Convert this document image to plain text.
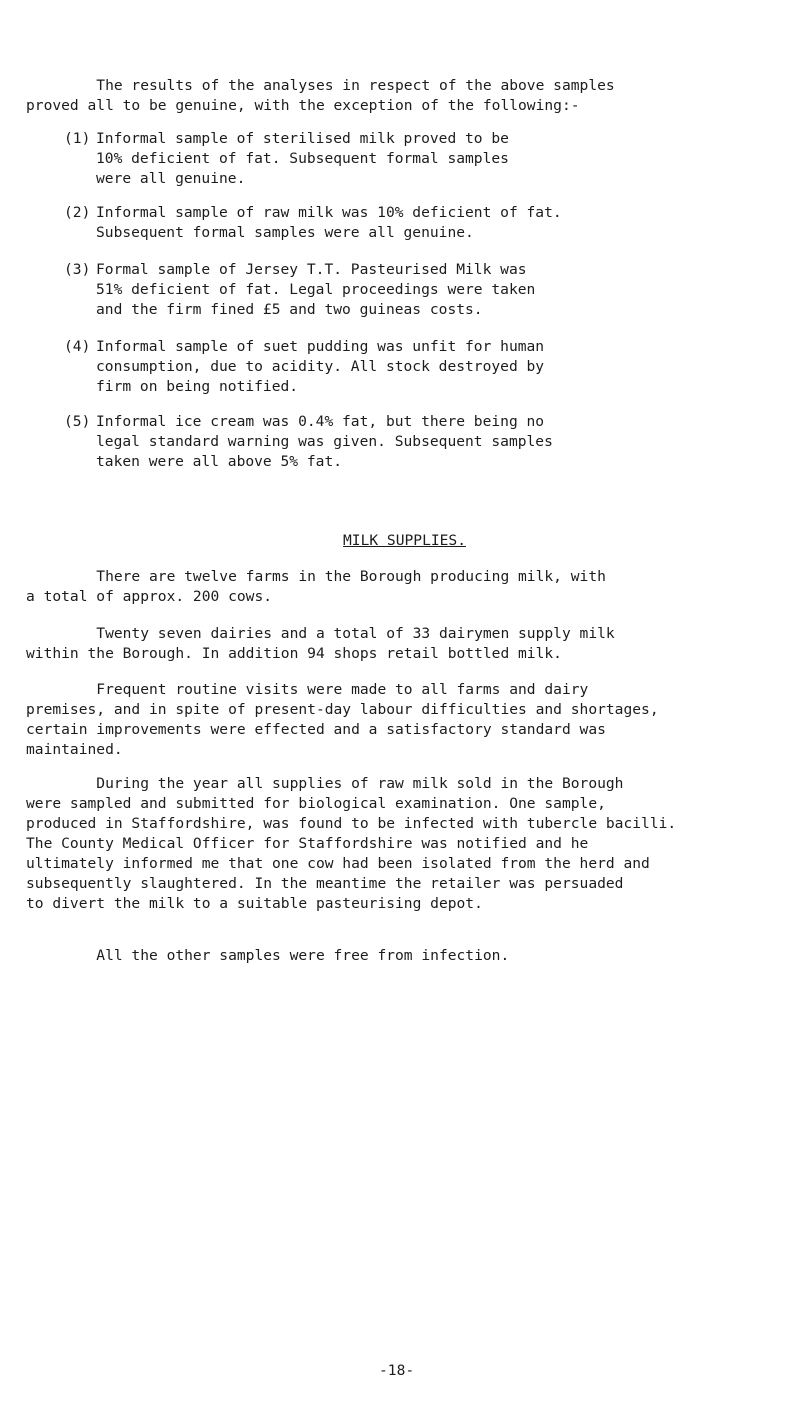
The results of the analyses in respect of the above samples
proved all to be genuine, with the exception of the following:-

(1) Informal sample of sterilised milk proved to be
10% deficient of fat. Subsequent formal samples
were all genuine.
(2) Informal sample of raw milk was 10% deficient of fat.
Subsequent formal samples were all genuine.
(3) Formal sample of Jersey T.T. Pasteurised Milk was
51% deficient of fat. Legal proceedings were taken
and the firm fined £5 and two guineas costs.
(4) Informal sample of suet pudding was unfit for human
consumption, due to acidity. All stock destroyed by
firm on being notified.
(5) Informal ice cream was 0.4% fat, but there being no
legal standard warning was given. Subsequent samples
taken were all above 5% fat.

MILK SUPPLIES.

There are twelve farms in the Borough producing milk, with
a total of approx. 200 cows.

Twenty seven dairies and a total of 33 dairymen supply milk
within the Borough. In addition 94 shops retail bottled milk.

Frequent routine visits were made to all farms and dairy
premises, and in spite of present-day labour difficulties and shortages,
certain improvements were effected and a satisfactory standard was
maintained.

During the year all supplies of raw milk sold in the Borough
were sampled and submitted for biological examination. One sample,
produced in Staffordshire, was found to be infected with tubercle bacilli.
The County Medical Officer for Staffordshire was notified and he
ultimately informed me that one cow had been isolated from the herd and
subsequently slaughtered. In the meantime the retailer was persuaded
to divert the milk to a suitable pasteurising depot.

All the other samples were free from infection.

-18-
